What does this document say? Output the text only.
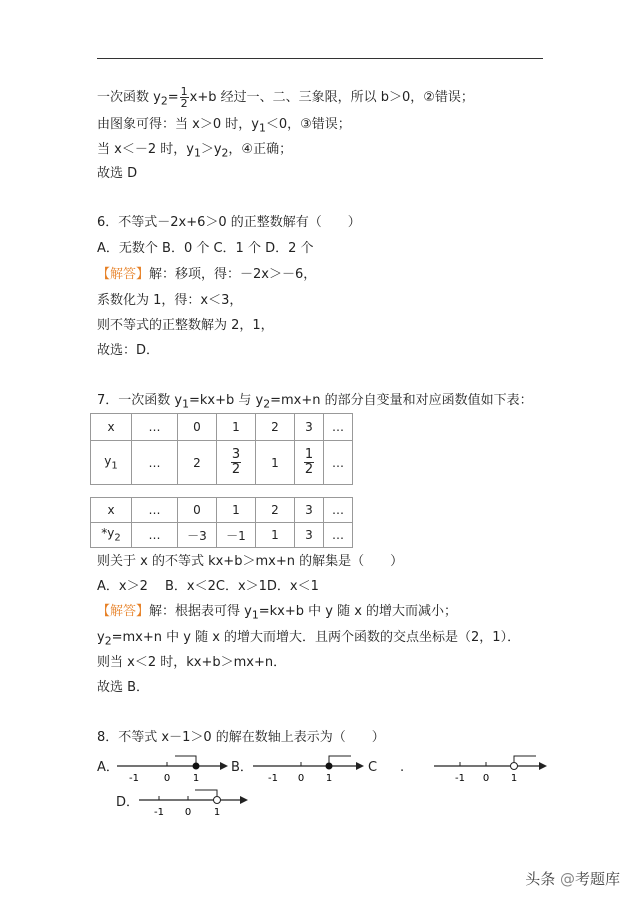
一次函数 $y_2= \frac{1}{2} x+b$ 经过一、二、三象限，所以 b＞0，②错误；
由图象可得：当 x＞0 时，$y_1<0$，③错误；
当 x＜－2 时，$y_1>y_2$，④正确；
故选 D
6．不等式－2x+6＞0 的正整数解有（　　）
A．无数个 B．0 个 C．1 个 D．2 个
【解答】解：移项，得：－2x＞－6，
系数化为 1，得：x＜3，
则不等式的正整数解为 2，1，
故选：D．
7．一次函数 $y_1=kx+b$ 与 $y_2=mx+n$ 的部分自变量和对应函数值如下表：
x	…	0	1	2	3	…
$y_1$	…	2	$\frac{3}{2}$	1	$\frac{1}{2}$	…
x	…	0	1	2	3	…
$*y_2$	…	－3	－1	1	3	…
则关于 x 的不等式 kx+b＞mx+n 的解集是（　　）
A．x＞2　 B．x＜2C．x＞1D．x＜1
【解答】解：根据表可得 $y_1=kx+b$ 中 y 随 x 的增大而减小；
$y_2=mx+n$ 中 y 随 x 的增大而增大．且两个函数的交点坐标是（2，1）．
则当 x＜2 时，kx+b＞mx+n．
故选 B．
8．不等式 x－1＞0 的解在数轴上表示为（　　）
A．
-1 0 1
B．
-1 0 1
C .
-1 0 1
D．
-1 0 1
头条 @考题库
